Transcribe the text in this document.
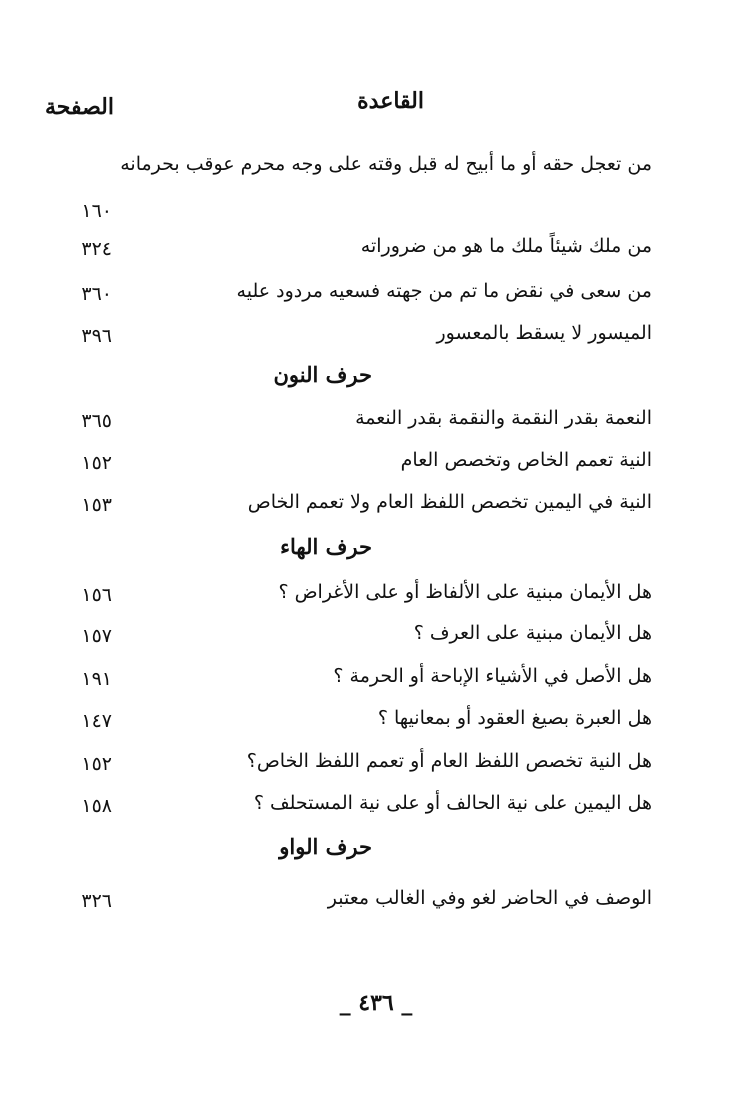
القاعدة
الصفحة
من تعجل حقه أو ما أبيح له قبل وقته على وجه محرم عوقب بحرمانه
١٦٠
من ملك شيئاً ملك ما هو من ضروراته
٣٢٤
من سعى في نقض ما تم من جهته فسعيه مردود عليه
٣٦٠
الميسور لا يسقط بالمعسور
٣٩٦
حرف النون
النعمة بقدر النقمة والنقمة بقدر النعمة
٣٦٥
النية تعمم الخاص وتخصص العام
١٥٢
النية في اليمين تخصص اللفظ العام ولا تعمم الخاص
١٥٣
حرف الهاء
هل الأيمان مبنية على الألفاظ أو على الأغراض ؟
١٥٦
هل الأيمان مبنية على العرف ؟
١٥٧
هل الأصل في الأشياء الإباحة أو الحرمة ؟
١٩١
هل العبرة بصيغ العقود أو بمعانيها ؟
١٤٧
هل النية تخصص اللفظ العام أو تعمم اللفظ الخاص؟
١٥٢
هل اليمين على نية الحالف أو على نية المستحلف ؟
١٥٨
حرف الواو
الوصف في الحاضر لغو وفي الغالب معتبر
٣٢٦
_ ٤٣٦ _
